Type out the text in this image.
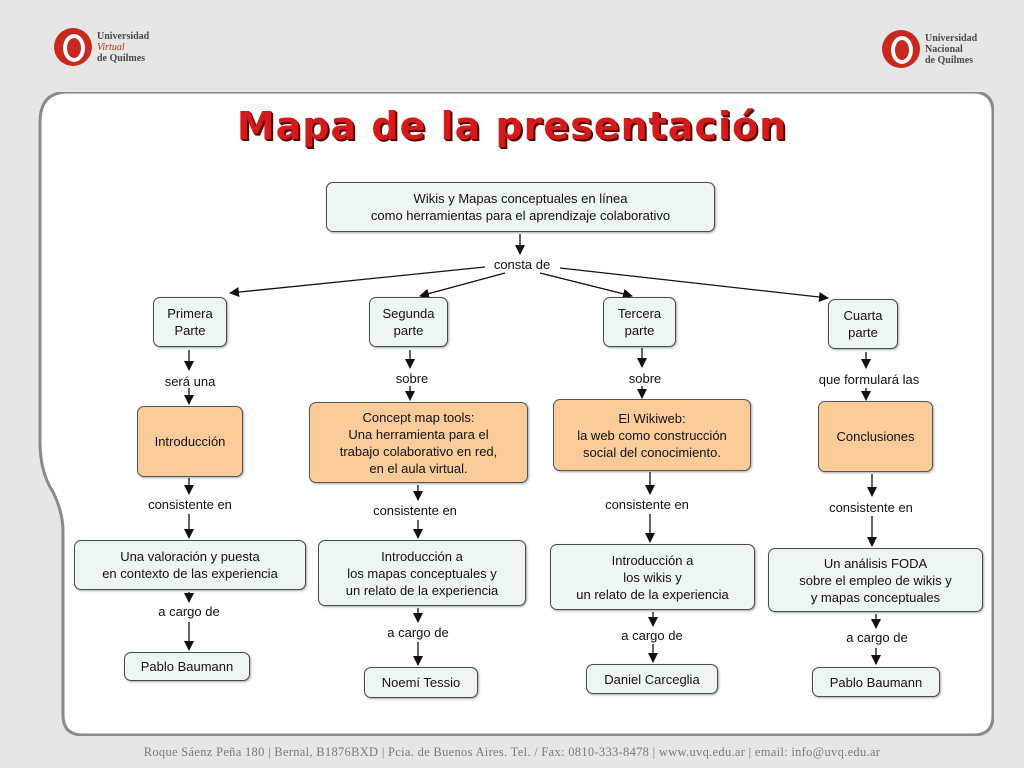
Universidad
Virtual
de Quilmes
Universidad
Nacional
de Quilmes
Mapa de la presentación
Wikis y Mapas conceptuales en línea
como herramientas para el aprendizaje colaborativo
consta de
Primera
Parte
será una
Introducción
consistente en
Una valoración y puesta
en contexto de las experiencia
a cargo de
Pablo Baumann
Segunda
parte
sobre
Concept map tools:
Una herramienta para el
trabajo colaborativo en red,
en el aula virtual.
consistente en
Introducción a
los mapas conceptuales y
un relato de la experiencia
a cargo de
Noemí Tessio
Tercera
parte
sobre
El Wikiweb:
la web como construcción
social del conocimiento.
consistente en
Introducción a
los wikis y
un relato de la experiencia
a cargo de
Daniel Carceglia
Cuarta
parte
que formulará las
Conclusiones
consistente en
Un análisis FODA
sobre el empleo de wikis y
y mapas conceptuales
a cargo de
Pablo Baumann
Roque Sáenz Peña 180 | Bernal, B1876BXD | Pcia. de Buenos Aires. Tel. / Fax: 0810-333-8478 | www.uvq.edu.ar | email: info@uvq.edu.ar
